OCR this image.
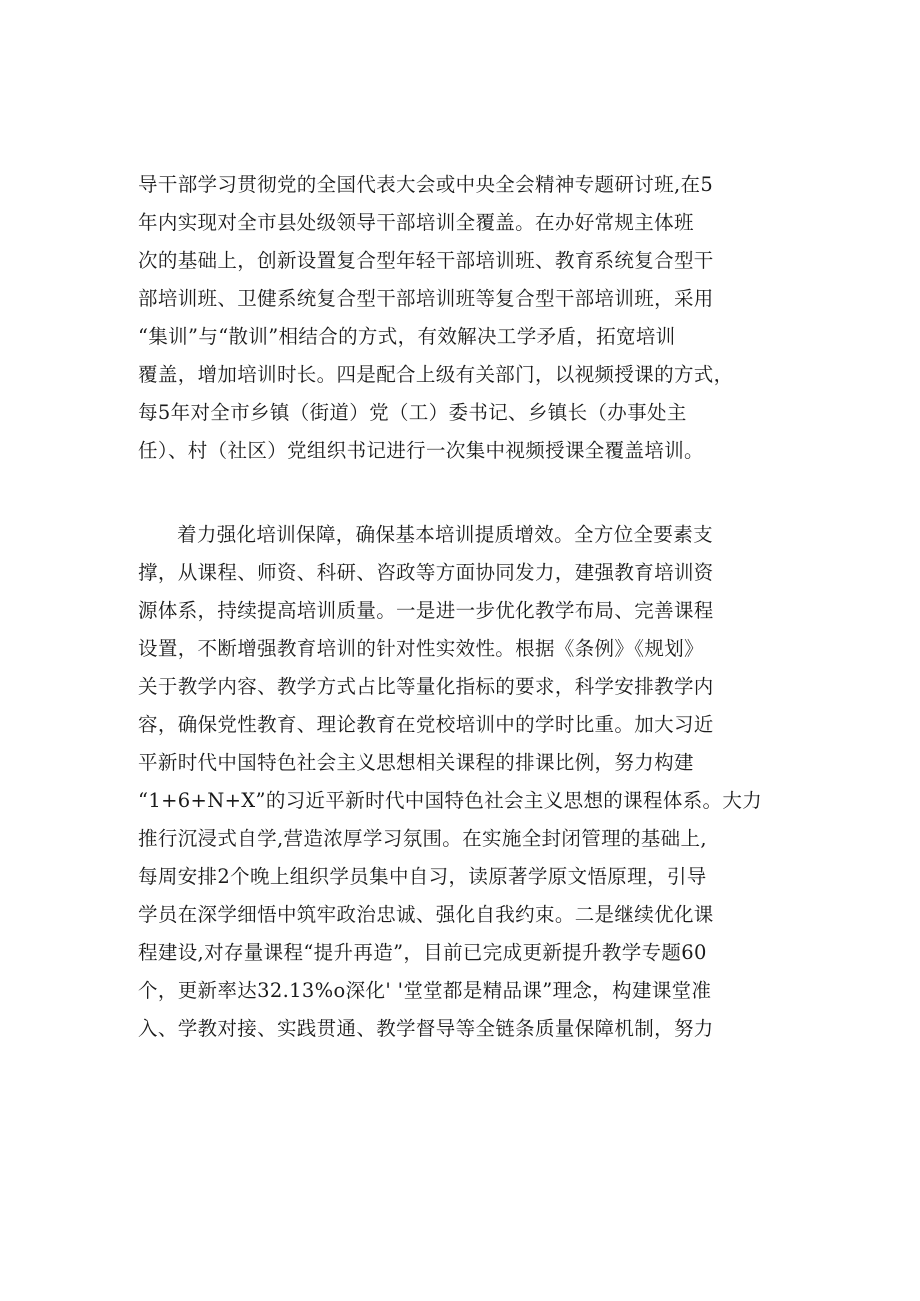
导干部学习贯彻党的全国代表大会或中央全会精神专题研讨班,在5
年内实现对全市县处级领导干部培训全覆盖。在办好常规主体班
次的基础上，创新设置复合型年轻干部培训班、教育系统复合型干
部培训班、卫健系统复合型干部培训班等复合型干部培训班，采用
“集训”与“散训”相结合的方式，有效解决工学矛盾，拓宽培训
覆盖，增加培训时长。四是配合上级有关部门，以视频授课的方式，
每5年对全市乡镇（街道）党（工）委书记、乡镇长（办事处主
任）、村（社区）党组织书记进行一次集中视频授课全覆盖培训。
着力强化培训保障，确保基本培训提质增效。全方位全要素支
撑，从课程、师资、科研、咨政等方面协同发力，建强教育培训资
源体系，持续提高培训质量。一是进一步优化教学布局、完善课程
设置，不断增强教育培训的针对性实效性。根据《条例》《规划》
关于教学内容、教学方式占比等量化指标的要求，科学安排教学内
容，确保党性教育、理论教育在党校培训中的学时比重。加大习近
平新时代中国特色社会主义思想相关课程的排课比例，努力构建
“1+6+N+X”的习近平新时代中国特色社会主义思想的课程体系。大力
推行沉浸式自学,营造浓厚学习氛围。在实施全封闭管理的基础上,
每周安排2个晚上组织学员集中自习，读原著学原文悟原理，引导
学员在深学细悟中筑牢政治忠诚、强化自我约束。二是继续优化课
程建设,对存量课程“提升再造”，目前已完成更新提升教学专题60
个，更新率达32.13%o深化' '堂堂都是精品课”理念，构建课堂准
入、学教对接、实践贯通、教学督导等全链条质量保障机制，努力
